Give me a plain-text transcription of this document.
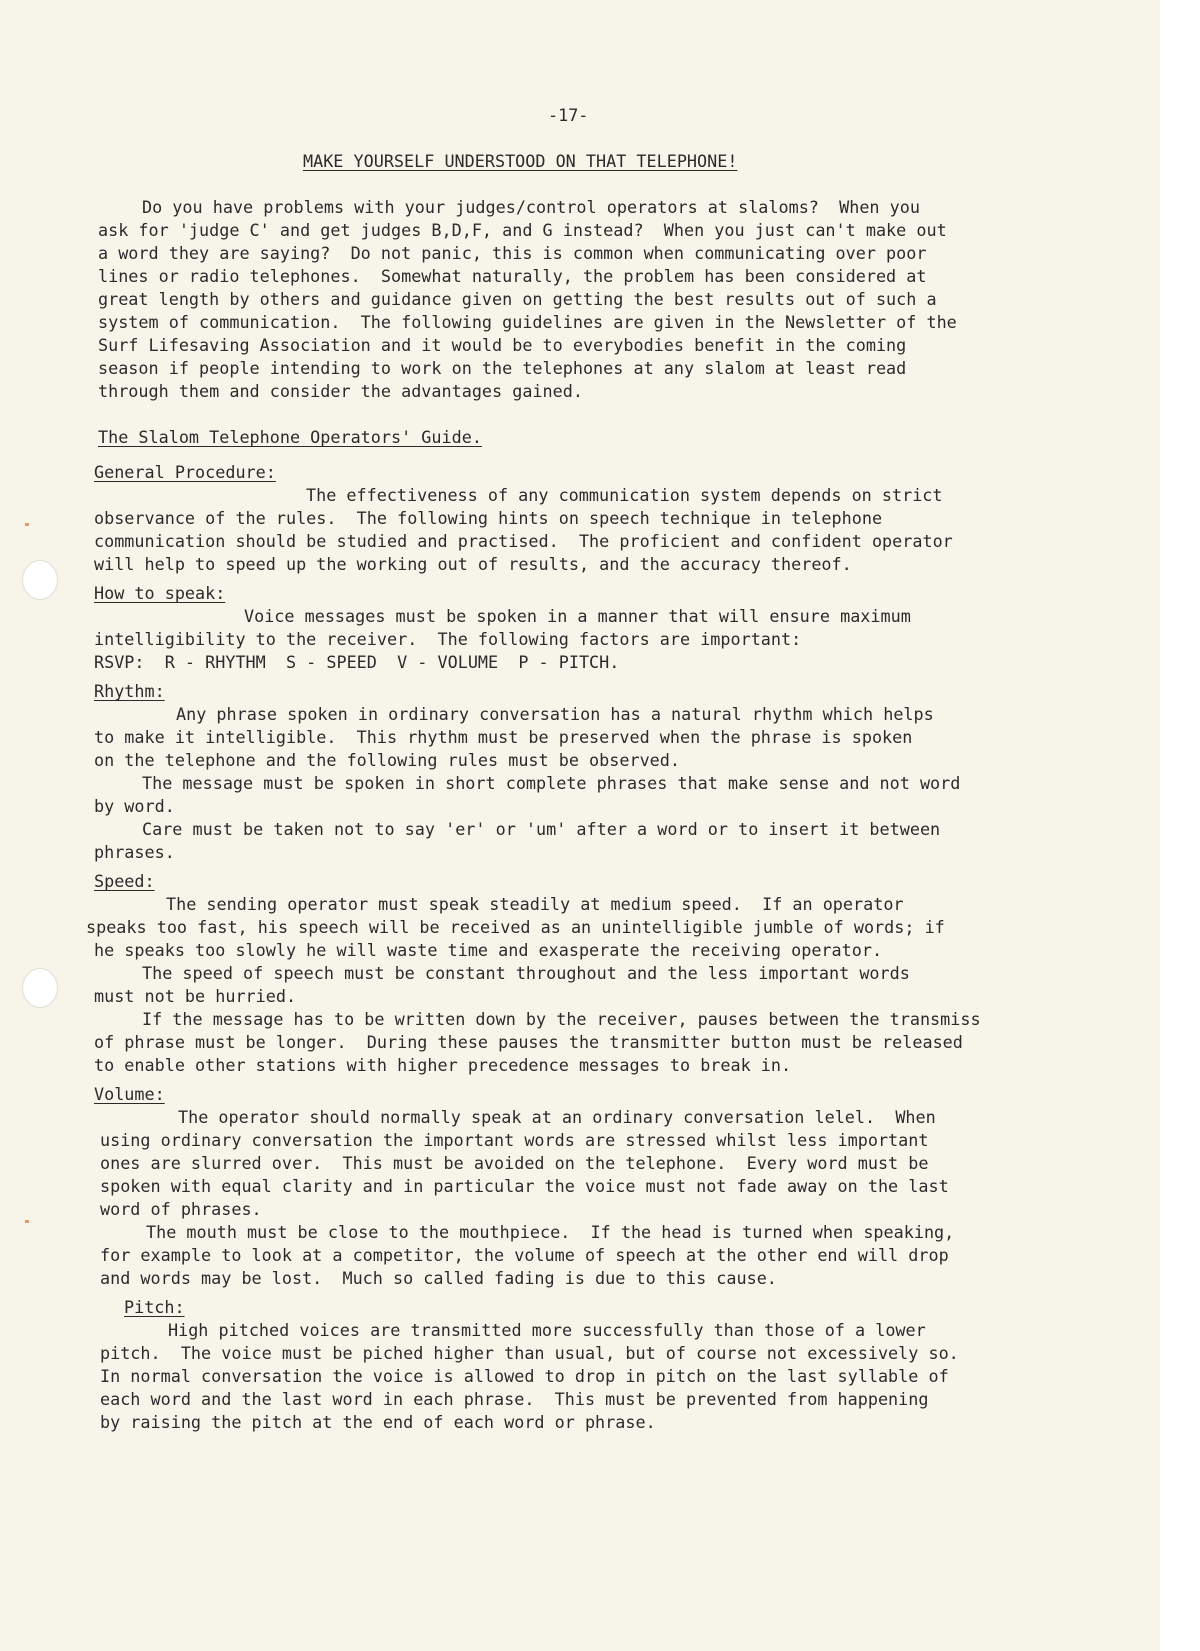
-17-

MAKE YOURSELF UNDERSTOOD ON THAT TELEPHONE!

Do you have problems with your judges/control operators at slaloms?  When you

ask for 'judge C' and get judges B,D,F, and G instead?  When you just can't make out

a word they are saying?  Do not panic, this is common when communicating over poor

lines or radio telephones.  Somewhat naturally, the problem has been considered at

great length by others and guidance given on getting the best results out of such a

system of communication.  The following guidelines are given in the Newsletter of the

Surf Lifesaving Association and it would be to everybodies benefit in the coming

season if people intending to work on the telephones at any slalom at least read

through them and consider the advantages gained.

The Slalom Telephone Operators' Guide.

General Procedure:

The effectiveness of any communication system depends on strict

observance of the rules.  The following hints on speech technique in telephone

communication should be studied and practised.  The proficient and confident operator

will help to speed up the working out of results, and the accuracy thereof.

How to speak:

Voice messages must be spoken in a manner that will ensure maximum

intelligibility to the receiver.  The following factors are important:

RSVP:  R - RHYTHM  S - SPEED  V - VOLUME  P - PITCH.

Rhythm:

Any phrase spoken in ordinary conversation has a natural rhythm which helps

to make it intelligible.  This rhythm must be preserved when the phrase is spoken

on the telephone and the following rules must be observed.

The message must be spoken in short complete phrases that make sense and not word

by word.

Care must be taken not to say 'er' or 'um' after a word or to insert it between

phrases.

Speed:

The sending operator must speak steadily at medium speed.  If an operator

speaks too fast, his speech will be received as an unintelligible jumble of words; if

he speaks too slowly he will waste time and exasperate the receiving operator.

The speed of speech must be constant throughout and the less important words

must not be hurried.

If the message has to be written down by the receiver, pauses between the transmiss

of phrase must be longer.  During these pauses the transmitter button must be released

to enable other stations with higher precedence messages to break in.

Volume:

The operator should normally speak at an ordinary conversation lelel.  When

using ordinary conversation the important words are stressed whilst less important

ones are slurred over.  This must be avoided on the telephone.  Every word must be

spoken with equal clarity and in particular the voice must not fade away on the last

word of phrases.

The mouth must be close to the mouthpiece.  If the head is turned when speaking,

for example to look at a competitor, the volume of speech at the other end will drop

and words may be lost.  Much so called fading is due to this cause.

Pitch:

High pitched voices are transmitted more successfully than those of a lower

pitch.  The voice must be piched higher than usual, but of course not excessively so.

In normal conversation the voice is allowed to drop in pitch on the last syllable of

each word and the last word in each phrase.  This must be prevented from happening

by raising the pitch at the end of each word or phrase.
